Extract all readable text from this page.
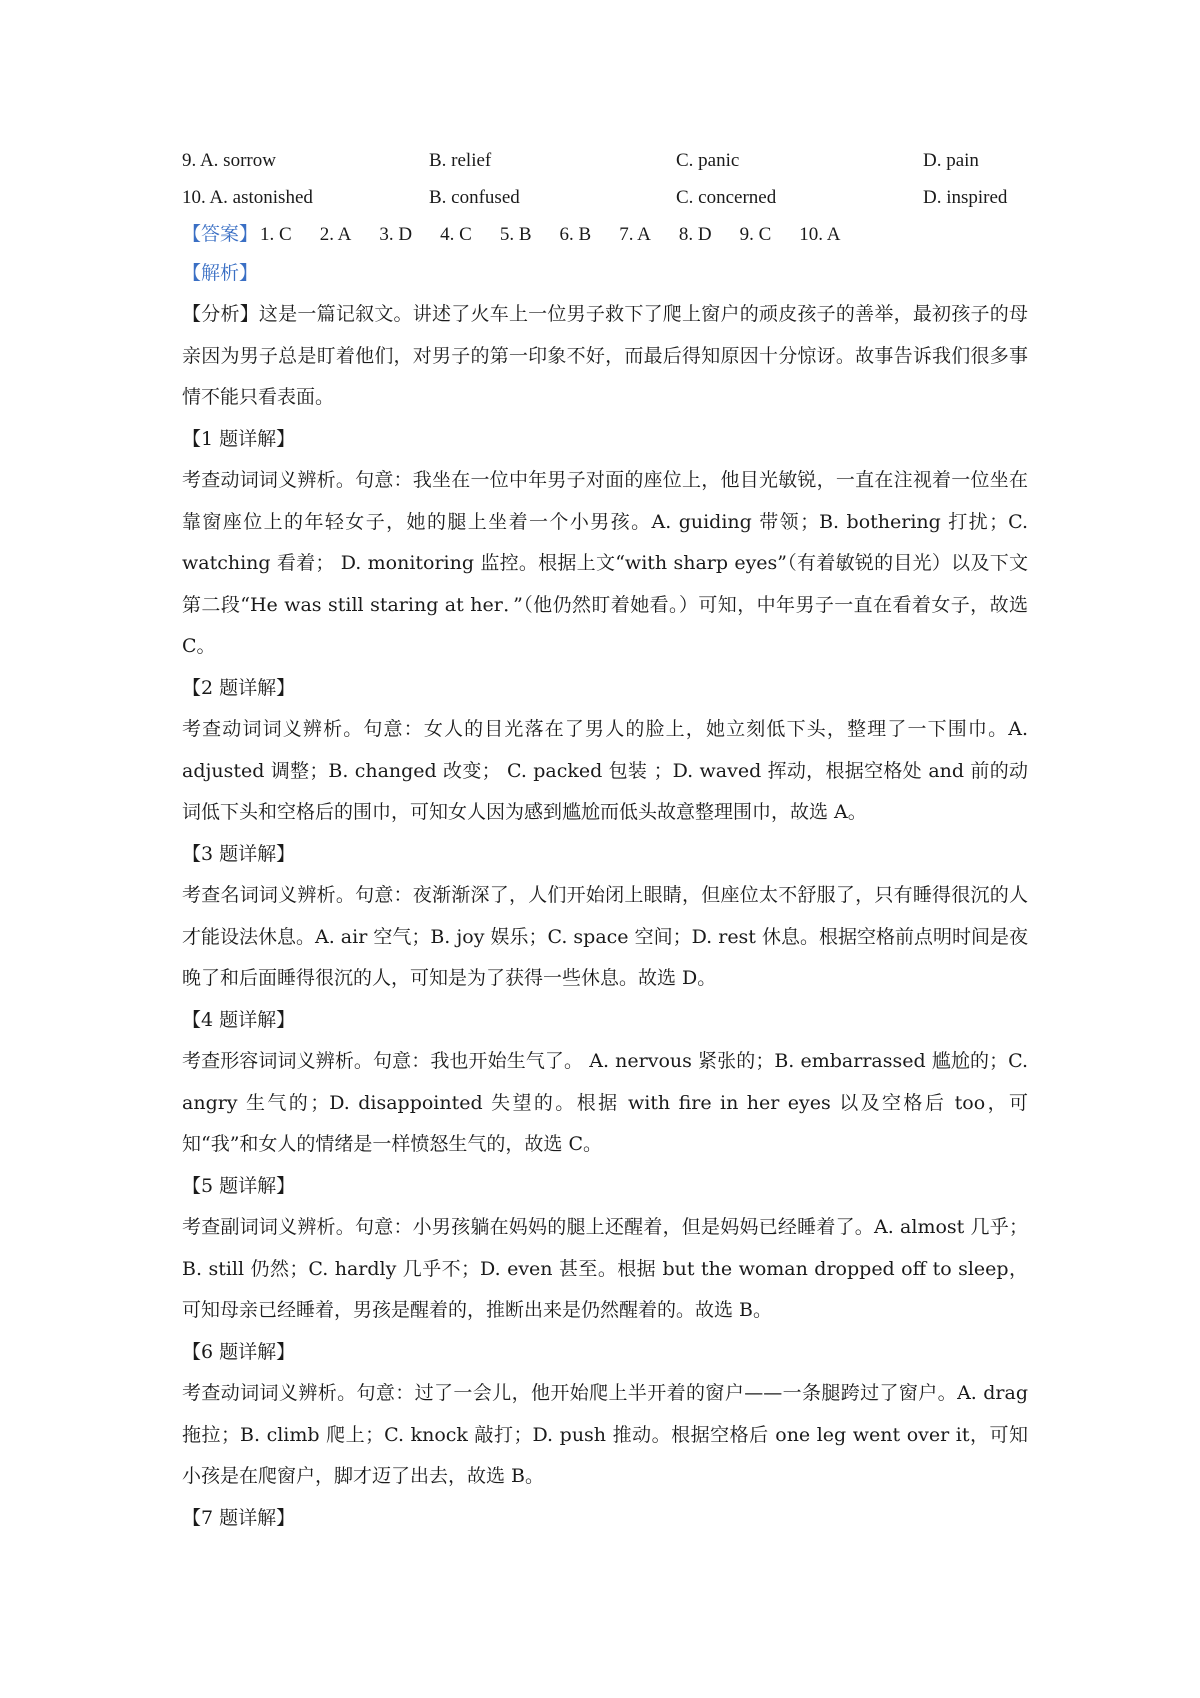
9. A. sorrow	B. relief	C. panic	D. pain
10. A. astonished	B. confused	C. concerned	D. inspired
【答案】 1. C 2. A 3. D 4. C 5. B 6. B 7. A 8. D 9. C 10. A
【解析】

【分析】这是一篇记叙文。讲述了火车上一位男子救下了爬上窗户的顽皮孩子的善举，最初孩子的母亲因为男子总是盯着他们，对男子的第一印象不好，而最后得知原因十分惊讶。故事告诉我们很多事情不能只看表面。

【1 题详解】

考查动词词义辨析。句意：我坐在一位中年男子对面的座位上，他目光敏锐，一直在注视着一位坐在靠窗座位上的年轻女子，她的腿上坐着一个小男孩。A. guiding 带领；B. bothering 打扰；C. watching 看着； D. monitoring 监控。根据上文“with sharp eyes”（有着敏锐的目光）以及下文第二段“He was still staring at her．”（他仍然盯着她看。）可知，中年男子一直在看着女子，故选 C。

【2 题详解】

考查动词词义辨析。句意：女人的目光落在了男人的脸上，她立刻低下头，整理了一下围巾。A. adjusted 调整；B. changed 改变； C. packed 包装 ；D. waved 挥动，根据空格处 and 前的动词低下头和空格后的围巾，可知女人因为感到尴尬而低头故意整理围巾，故选 A。

【3 题详解】

考查名词词义辨析。句意：夜渐渐深了，人们开始闭上眼睛，但座位太不舒服了，只有睡得很沉的人才能设法休息。A. air 空气；B. joy 娱乐；C. space 空间；D. rest 休息。根据空格前点明时间是夜晚了和后面睡得很沉的人，可知是为了获得一些休息。故选 D。

【4 题详解】

考查形容词词义辨析。句意：我也开始生气了。 A. nervous 紧张的；B. embarrassed 尴尬的；C. angry 生气的；D. disappointed 失望的。根据 with fire in her eyes 以及空格后 too，可知“我”和女人的情绪是一样愤怒生气的，故选 C。

【5 题详解】

考查副词词义辨析。句意：小男孩躺在妈妈的腿上还醒着，但是妈妈已经睡着了。A. almost 几乎；B. still 仍然；C. hardly 几乎不；D. even 甚至。根据 but the woman dropped off to sleep，可知母亲已经睡着，男孩是醒着的，推断出来是仍然醒着的。故选 B。

【6 题详解】

考查动词词义辨析。句意：过了一会儿，他开始爬上半开着的窗户——一条腿跨过了窗户。A. drag 拖拉；B. climb 爬上；C. knock 敲打；D. push 推动。根据空格后 one leg went over it，可知小孩是在爬窗户，脚才迈了出去，故选 B。

【7 题详解】
